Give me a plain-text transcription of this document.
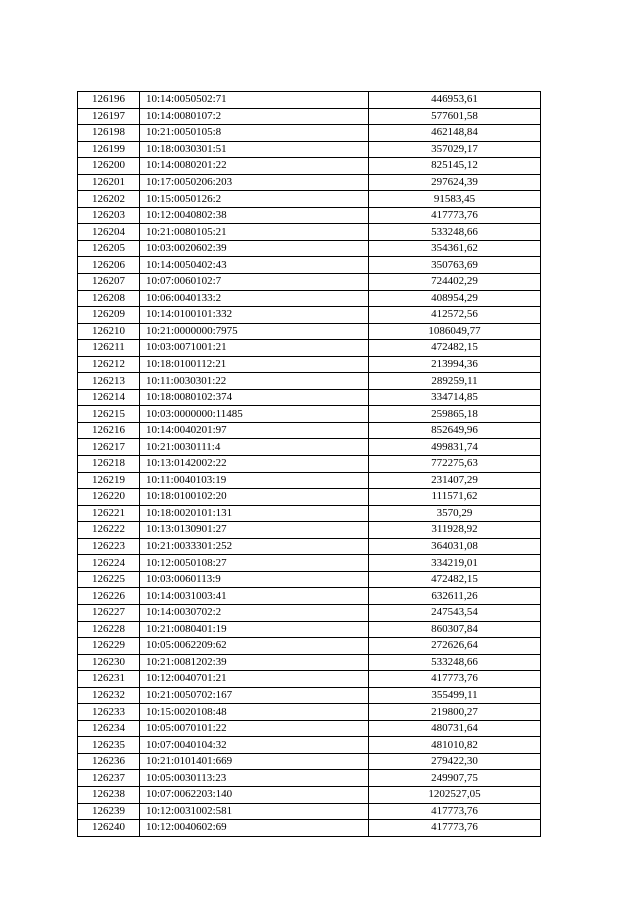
126196	10:14:0050502:71	446953,61
126197	10:14:0080107:2	577601,58
126198	10:21:0050105:8	462148,84
126199	10:18:0030301:51	357029,17
126200	10:14:0080201:22	825145,12
126201	10:17:0050206:203	297624,39
126202	10:15:0050126:2	91583,45
126203	10:12:0040802:38	417773,76
126204	10:21:0080105:21	533248,66
126205	10:03:0020602:39	354361,62
126206	10:14:0050402:43	350763,69
126207	10:07:0060102:7	724402,29
126208	10:06:0040133:2	408954,29
126209	10:14:0100101:332	412572,56
126210	10:21:0000000:7975	1086049,77
126211	10:03:0071001:21	472482,15
126212	10:18:0100112:21	213994,36
126213	10:11:0030301:22	289259,11
126214	10:18:0080102:374	334714,85
126215	10:03:0000000:11485	259865,18
126216	10:14:0040201:97	852649,96
126217	10:21:0030111:4	499831,74
126218	10:13:0142002:22	772275,63
126219	10:11:0040103:19	231407,29
126220	10:18:0100102:20	111571,62
126221	10:18:0020101:131	3570,29
126222	10:13:0130901:27	311928,92
126223	10:21:0033301:252	364031,08
126224	10:12:0050108:27	334219,01
126225	10:03:0060113:9	472482,15
126226	10:14:0031003:41	632611,26
126227	10:14:0030702:2	247543,54
126228	10:21:0080401:19	860307,84
126229	10:05:0062209:62	272626,64
126230	10:21:0081202:39	533248,66
126231	10:12:0040701:21	417773,76
126232	10:21:0050702:167	355499,11
126233	10:15:0020108:48	219800,27
126234	10:05:0070101:22	480731,64
126235	10:07:0040104:32	481010,82
126236	10:21:0101401:669	279422,30
126237	10:05:0030113:23	249907,75
126238	10:07:0062203:140	1202527,05
126239	10:12:0031002:581	417773,76
126240	10:12:0040602:69	417773,76
